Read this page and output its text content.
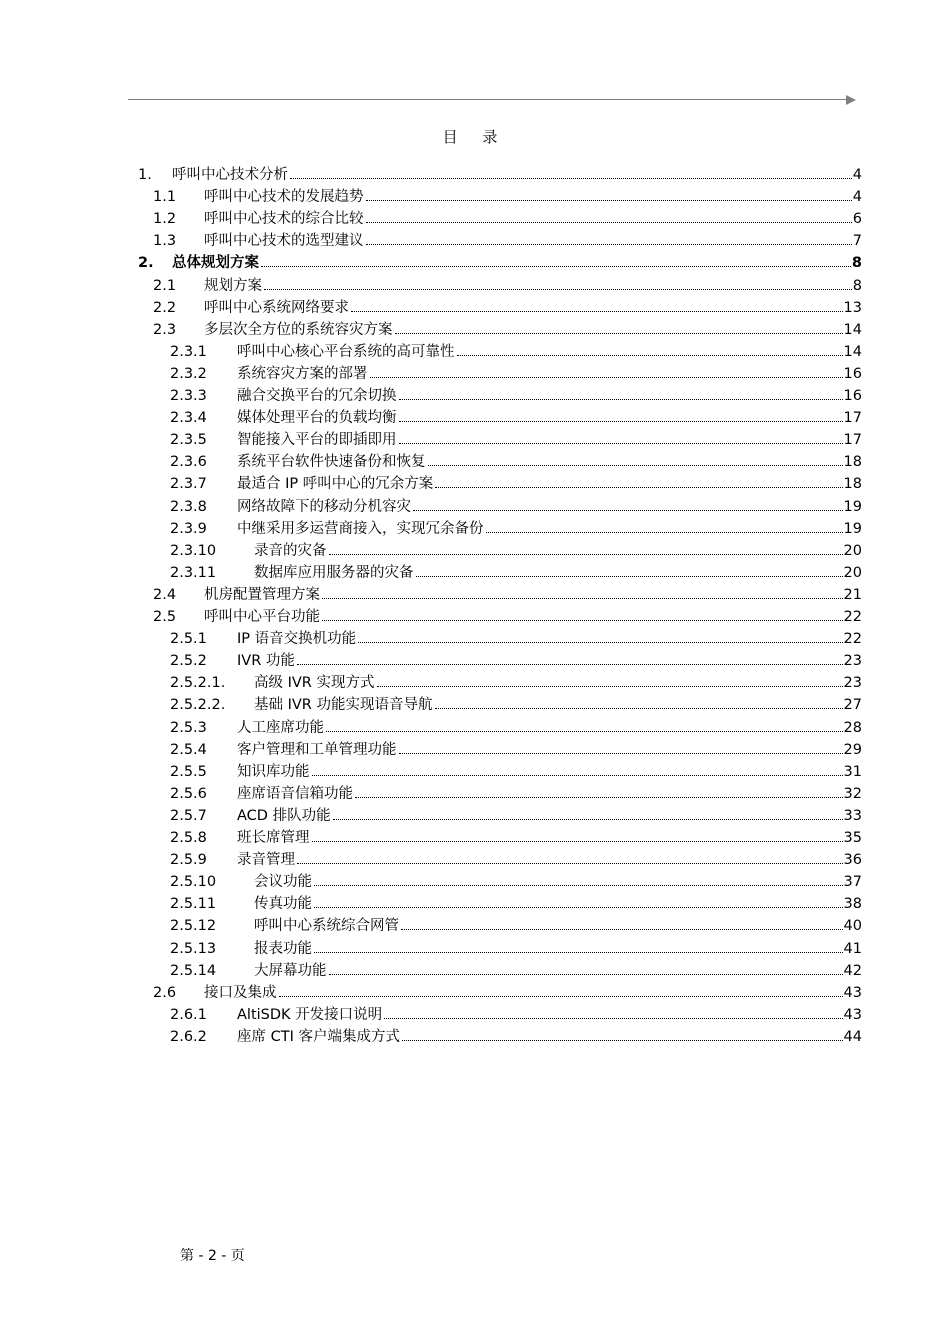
目 录
1. 呼叫中心技术分析	4
1.1 呼叫中心技术的发展趋势	4
1.2 呼叫中心技术的综合比较	6
1.3 呼叫中心技术的选型建议	7
2. 总体规划方案	8
2.1 规划方案	8
2.2 呼叫中心系统网络要求	13
2.3 多层次全方位的系统容灾方案	14
2.3.1 呼叫中心核心平台系统的高可靠性	14
2.3.2 系统容灾方案的部署	16
2.3.3 融合交换平台的冗余切换	16
2.3.4 媒体处理平台的负载均衡	17
2.3.5 智能接入平台的即插即用	17
2.3.6 系统平台软件快速备份和恢复	18
2.3.7 最适合 IP 呼叫中心的冗余方案	18
2.3.8 网络故障下的移动分机容灾	19
2.3.9 中继采用多运营商接入，实现冗余备份	19
2.3.10	录音的灾备	20
2.3.11	数据库应用服务器的灾备	20
2.4 机房配置管理方案	21
2.5 呼叫中心平台功能	22
2.5.1 IP 语音交换机功能	22
2.5.2 IVR 功能	23
2.5.2.1. 高级 IVR 实现方式	23
2.5.2.2. 基础 IVR 功能实现语音导航	27
2.5.3 人工座席功能	28
2.5.4 客户管理和工单管理功能	29
2.5.5 知识库功能	31
2.5.6 座席语音信箱功能	32
2.5.7 ACD 排队功能	33
2.5.8 班长席管理	35
2.5.9 录音管理	36
2.5.10	会议功能	37
2.5.11	传真功能	38
2.5.12	呼叫中心系统综合网管	40
2.5.13	报表功能	41
2.5.14	大屏幕功能	42
2.6 接口及集成	43
2.6.1 AltiSDK 开发接口说明	43
2.6.2 座席 CTI 客户端集成方式	44
第 - 2 - 页
